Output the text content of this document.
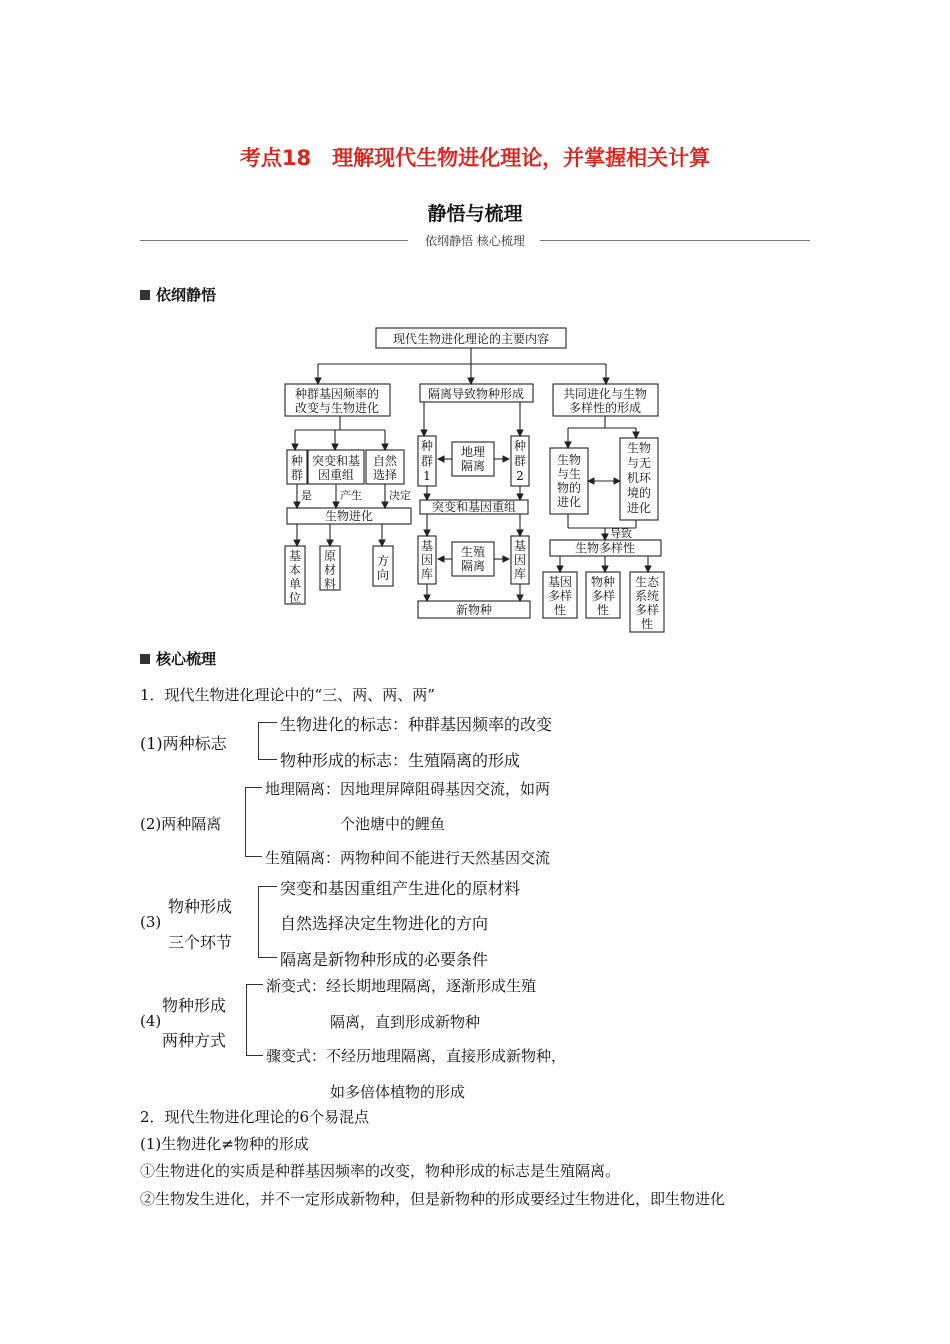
考点18　理解现代生物进化理论，并掌握相关计算
静悟与梳理
依纲静悟 核心梳理
依纲静悟
现代生物进化理论的主要内容
种群基因频率的
改变与生物进化
隔离导致物种形成	共同进化与生物
多样性的形成
种
群
突变和基
因重组
自然
选择
是	产生 决定
生物进化
基
本
单
位
原
材
料
方
向
种
群
1
地理
隔离
种
群
2
突变和基因重组
基
因
库
生殖
隔离
基
因
库
新物种
生物
与生
物的
进化
生物
与无
机环
境的
进化
导致
生物多样性
基因
多样
性
物种
多样
性
生态
系统
多样
性
核心梳理
1．现代生物进化理论中的“三、两、两、两”
(1)两种标志
生物进化的标志：种群基因频率的改变
物种形成的标志：生殖隔离的形成
(2)两种隔离
地理隔离：因地理屏障阻碍基因交流，如两
个池塘中的鲤鱼
生殖隔离：两物种间不能进行天然基因交流
(3)
物种形成
三个环节
突变和基因重组产生进化的原材料
自然选择决定生物进化的方向
隔离是新物种形成的必要条件
(4)
物种形成
两种方式
渐变式：经长期地理隔离，逐渐形成生殖
隔离，直到形成新物种
骤变式：不经历地理隔离，直接形成新物种，
如多倍体植物的形成
2．现代生物进化理论的6个易混点
(1)生物进化≠物种的形成
①生物进化的实质是种群基因频率的改变，物种形成的标志是生殖隔离。
②生物发生进化，并不一定形成新物种，但是新物种的形成要经过生物进化，即生物进化
